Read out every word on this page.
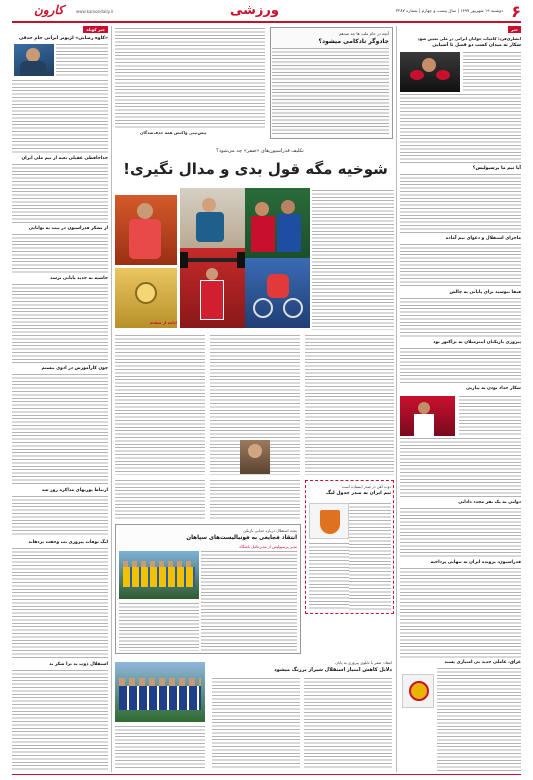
۶
دوشنبه ۱۹ شهریور ۱۳۹۷ | سال بیست و چهارم | شماره ۳۲۸۷
ورزشی
کارون	www.karoondaily.ir
خبر کوتاه
«کاوه رضایی» لژیونر ایرانی جام حذفی
خداحافظی عقیلی تعبه از تیم ملی ایران
از تشکر فدراسیون در بیت به توانایی
حاشیه به جدید پایانی نرسد
چون کارآموزش در ادوی نیستم
ارتباط بوریهای مذاکره روز شد
ایگ بوفات پیروزی تب وحفت بردهاند
استقلال ذوب بد ترا شکر بد
آنچه در جام ملت ها چه میدهم
جادوگر نادکامی میشود؟
پیش‌بینی واکنش همه حذف‌شدگان
تکلیف فدراسیون‌های «صفر» چه می‌شود؟
شوخیه مگه قول بدی و مدال نگیری!
ادامه از صفحه
خبر
انصاری‌فرد: کامیاب جوانان ایرانی در ملی تعیین شود
شکار نه میدان کسب دو فصل تا آسیایی
آیا تیم ما پرسپولیس؟
ماجرای استقلال و دعوای تیم آماده
فیفا نتوسید برای پایانی به چالش
پیروزی بازیکنان اینترمیلان به تراکتور بود
شکار حداد بودن به بیاریی
دولتی به یک نفر مجدد دادانی
فدراسیون، پرونده ایران به تنهایی پرداخته
عراق، عاملی جدید بی امتیازی پسند
ذوب آهن در صدر ایستاده است
تیم ایران به صدر جدول لیگ
بحث استقلال درباره جدایی بازیکن
انتقاد فجایعی به فوتبالیست‌های سپاهان
مدیر پرسپولیس از مدیرعامل باشگاه
انتقاد: صفر با تابلوی پیروزی به پایان
دلایل کاهش امتیاز استقلال شیراز پررنگ میشود
